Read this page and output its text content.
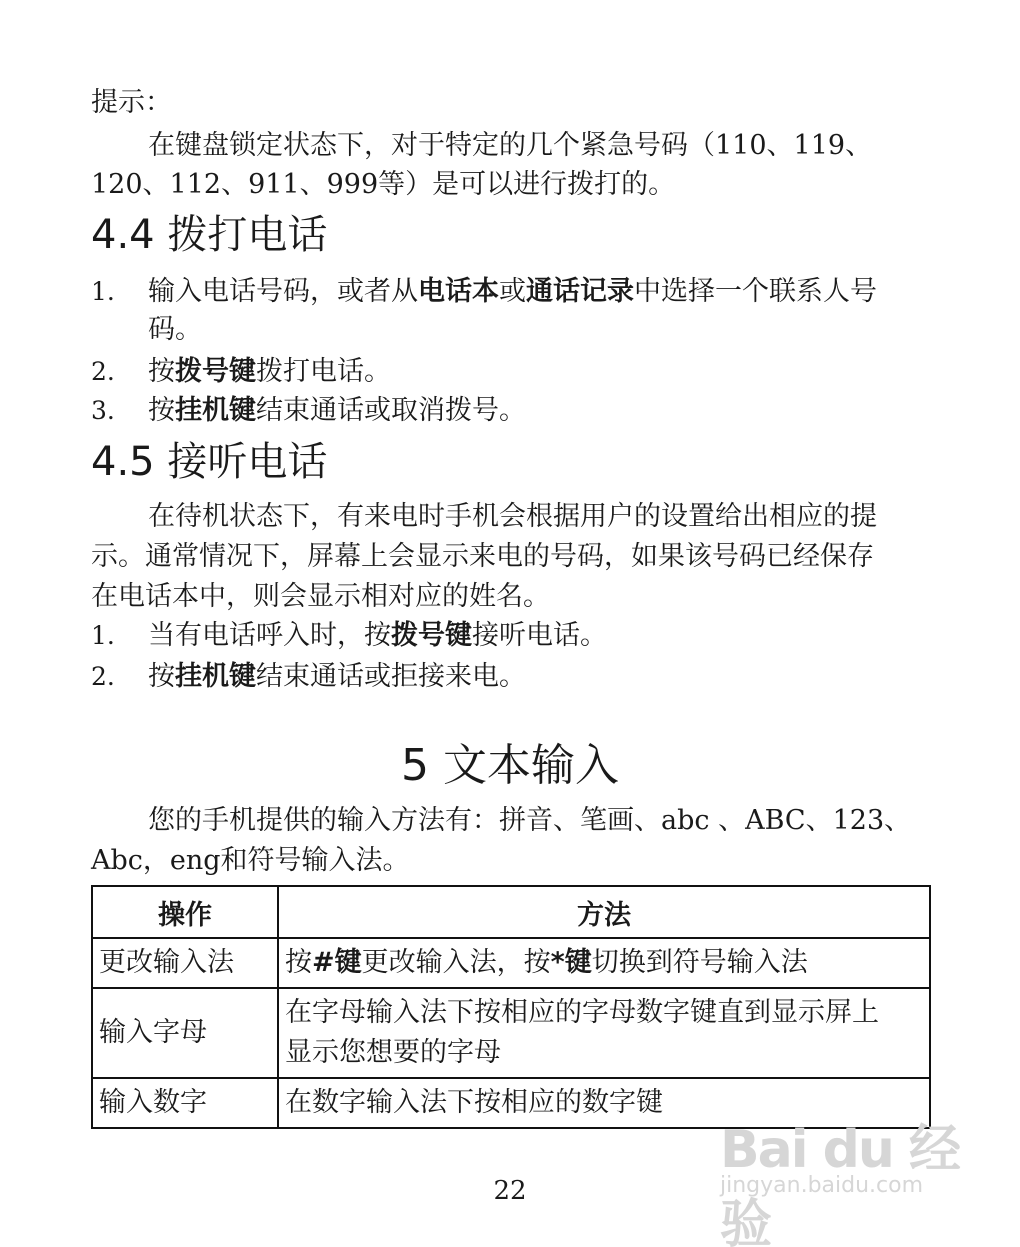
提示：
在键盘锁定状态下，对于特定的几个紧急号码（110、119、
120、112、911、999等）是可以进行拨打的。
4.4 拨打电话
1. 输入电话号码，或者从电话本或通话记录中选择一个联系人号
码。
2. 按拨号键拨打电话。
3. 按挂机键结束通话或取消拨号。
4.5 接听电话
在待机状态下，有来电时手机会根据用户的设置给出相应的提
示。通常情况下，屏幕上会显示来电的号码，如果该号码已经保存
在电话本中，则会显示相对应的姓名。
1. 当有电话呼入时，按拨号键接听电话。
2. 按挂机键结束通话或拒接来电。
5 文本输入
您的手机提供的输入方法有：拼音、笔画、abc 、ABC、123、
Abc，eng和符号输入法。
操作	方法
更改输入法	按#键更改输入法，按*键切换到符号输入法
输入字母	在字母输入法下按相应的字母数字键直到显示屏上
显示您想要的字母

输入数字	在数字输入法下按相应的数字键
Bai du 经验
jingyan.baidu.com
22
